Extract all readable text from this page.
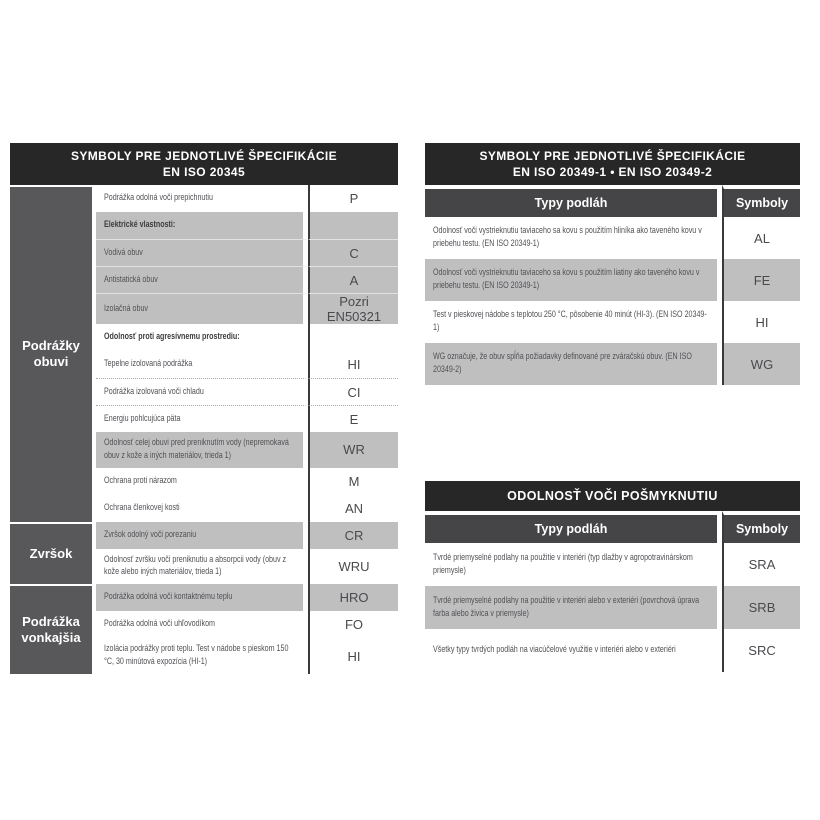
SYMBOLY PRE JEDNOTLIVÉ ŠPECIFIKÁCIE
EN ISO 20345		

Podrážky obuvi	Podrážka odolná voči prepichnutiu	P
	Elektrické vlastnosti:	
	Vodivá obuv	C
	Antistatická obuv	A
	Izolačná obuv	Pozri EN50321
	Odolnosť proti agresívnemu prostrediu:	
	Tepelne izolovaná podrážka	HI
	Podrážka izolovaná voči chladu	CI
	Energiu pohlcujúca päta	E
	Odolnosť celej obuvi pred preniknutím vody (nepremokavá obuv z kože a iných materiálov, trieda 1)	WR
	Ochrana proti nárazom	M
	Ochrana členkovej kosti	AN
Zvršok	Zvršok odolný voči porezaniu	CR
	Odolnosť zvršku voči preniknutiu a absorpcii vody (obuv z kože alebo iných materiálov, trieda 1)	WRU
Podrážka vonkajšia	Podrážka odolná voči kontaktnému teplu	HRO
	Podrážka odolná voči uhľovodíkom	FO
	Izolácia podrážky proti teplu. Test v nádobe s pieskom 150 °C, 30 minútová expozícia (HI-1)	HI
SYMBOLY PRE JEDNOTLIVÉ ŠPECIFIKÁCIE
EN ISO 20349-1 • EN ISO 20349-2	

Typy podláh	Symboly
Odolnosť voči vystrieknutiu taviaceho sa kovu s použitím hliníka ako taveného kovu v priebehu testu. (EN ISO 20349-1)	AL
Odolnosť voči vystrieknutiu taviaceho sa kovu s použitím liatiny ako taveného kovu v priebehu testu. (EN ISO 20349-1)	FE
Test v pieskovej nádobe s teplotou 250 °C, pôsobenie 40 minút (HI-3). (EN ISO 20349-1)	HI
WG označuje, že obuv spĺňa požiadavky definované pre zváračskú obuv. (EN ISO 20349-2)	WG
ODOLNOSŤ VOČI POŠMYKNUTIU	
Typy podláh	Symboly
Tvrdé priemyselné podlahy na použitie v interiéri (typ dlažby v agropotravinárskom priemysle)	SRA
Tvrdé priemyselné podlahy na použitie v interiéri alebo v exteriéri (povrchová úprava farba alebo živica v priemysle)	SRB
Všetky typy tvrdých podláh na viacúčelové využitie v interiéri alebo v exteriéri	SRC
